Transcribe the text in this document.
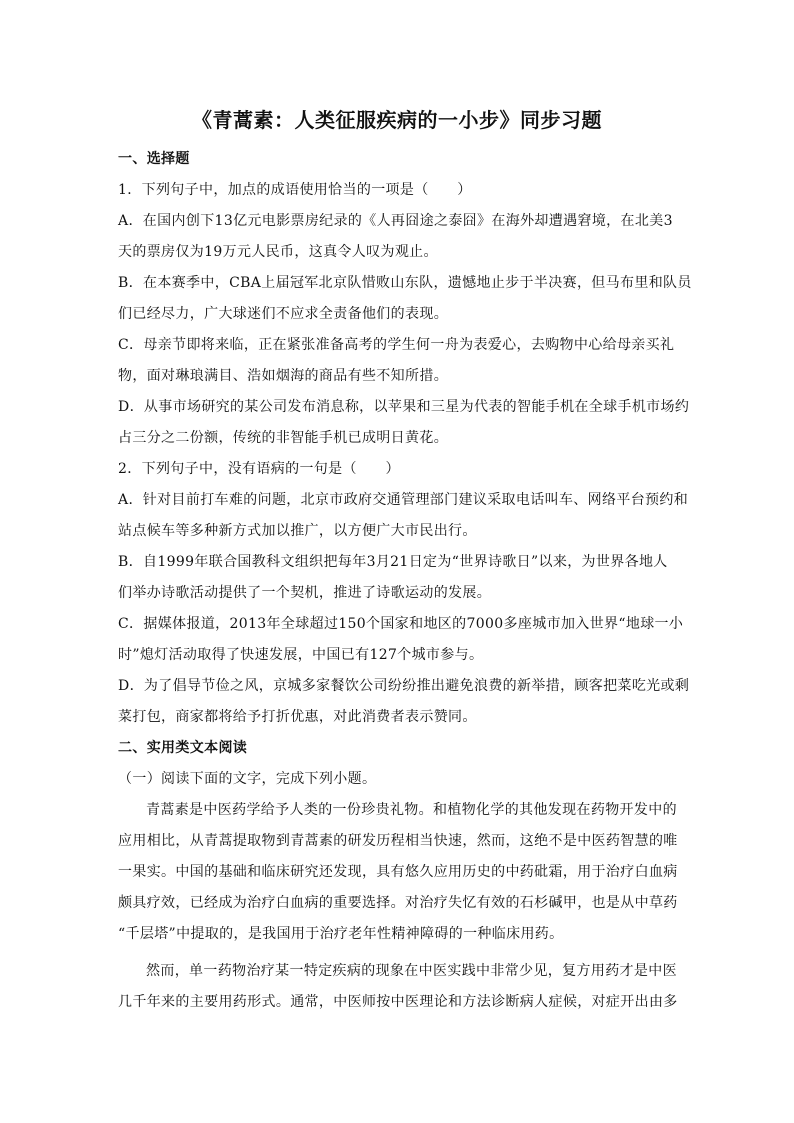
《青蒿素：人类征服疾病的一小步》同步习题
一、选择题
1．下列句子中，加点的成语使用恰当的一项是（　　）
A．在国内创下13亿元电影票房纪录的《人再囧途之泰囧》在海外却遭遇窘境，在北美3
天的票房仅为19万元人民币，这真令人叹为观止。
B．在本赛季中，CBA上届冠军北京队惜败山东队，遗憾地止步于半决赛，但马布里和队员
们已经尽力，广大球迷们不应求全责备他们的表现。
C．母亲节即将来临，正在紧张准备高考的学生何一舟为表爱心，去购物中心给母亲买礼
物，面对琳琅满目、浩如烟海的商品有些不知所措。
D．从事市场研究的某公司发布消息称，以苹果和三星为代表的智能手机在全球手机市场约
占三分之二份额，传统的非智能手机已成明日黄花。
2．下列句子中，没有语病的一句是（　　）
A．针对目前打车难的问题，北京市政府交通管理部门建议采取电话叫车、网络平台预约和
站点候车等多种新方式加以推广，以方便广大市民出行。
B．自1999年联合国教科文组织把每年3月21日定为“世界诗歌日”以来，为世界各地人
们举办诗歌活动提供了一个契机，推进了诗歌运动的发展。
C．据媒体报道，2013年全球超过150个国家和地区的7000多座城市加入世界“地球一小
时”熄灯活动取得了快速发展，中国已有127个城市参与。
D．为了倡导节俭之风，京城多家餐饮公司纷纷推出避免浪费的新举措，顾客把菜吃光或剩
菜打包，商家都将给予打折优惠，对此消费者表示赞同。
二、实用类文本阅读
（一）阅读下面的文字，完成下列小题。
青蒿素是中医药学给予人类的一份珍贵礼物。和植物化学的其他发现在药物开发中的
应用相比，从青蒿提取物到青蒿素的研发历程相当快速，然而，这绝不是中医药智慧的唯
一果实。中国的基础和临床研究还发现，具有悠久应用历史的中药砒霜，用于治疗白血病
颇具疗效，已经成为治疗白血病的重要选择。对治疗失忆有效的石杉碱甲，也是从中草药
“千层塔”中提取的，是我国用于治疗老年性精神障碍的一种临床用药。
然而，单一药物治疗某一特定疾病的现象在中医实践中非常少见，复方用药才是中医
几千年来的主要用药形式。通常，中医师按中医理论和方法诊断病人症候，对症开出由多
